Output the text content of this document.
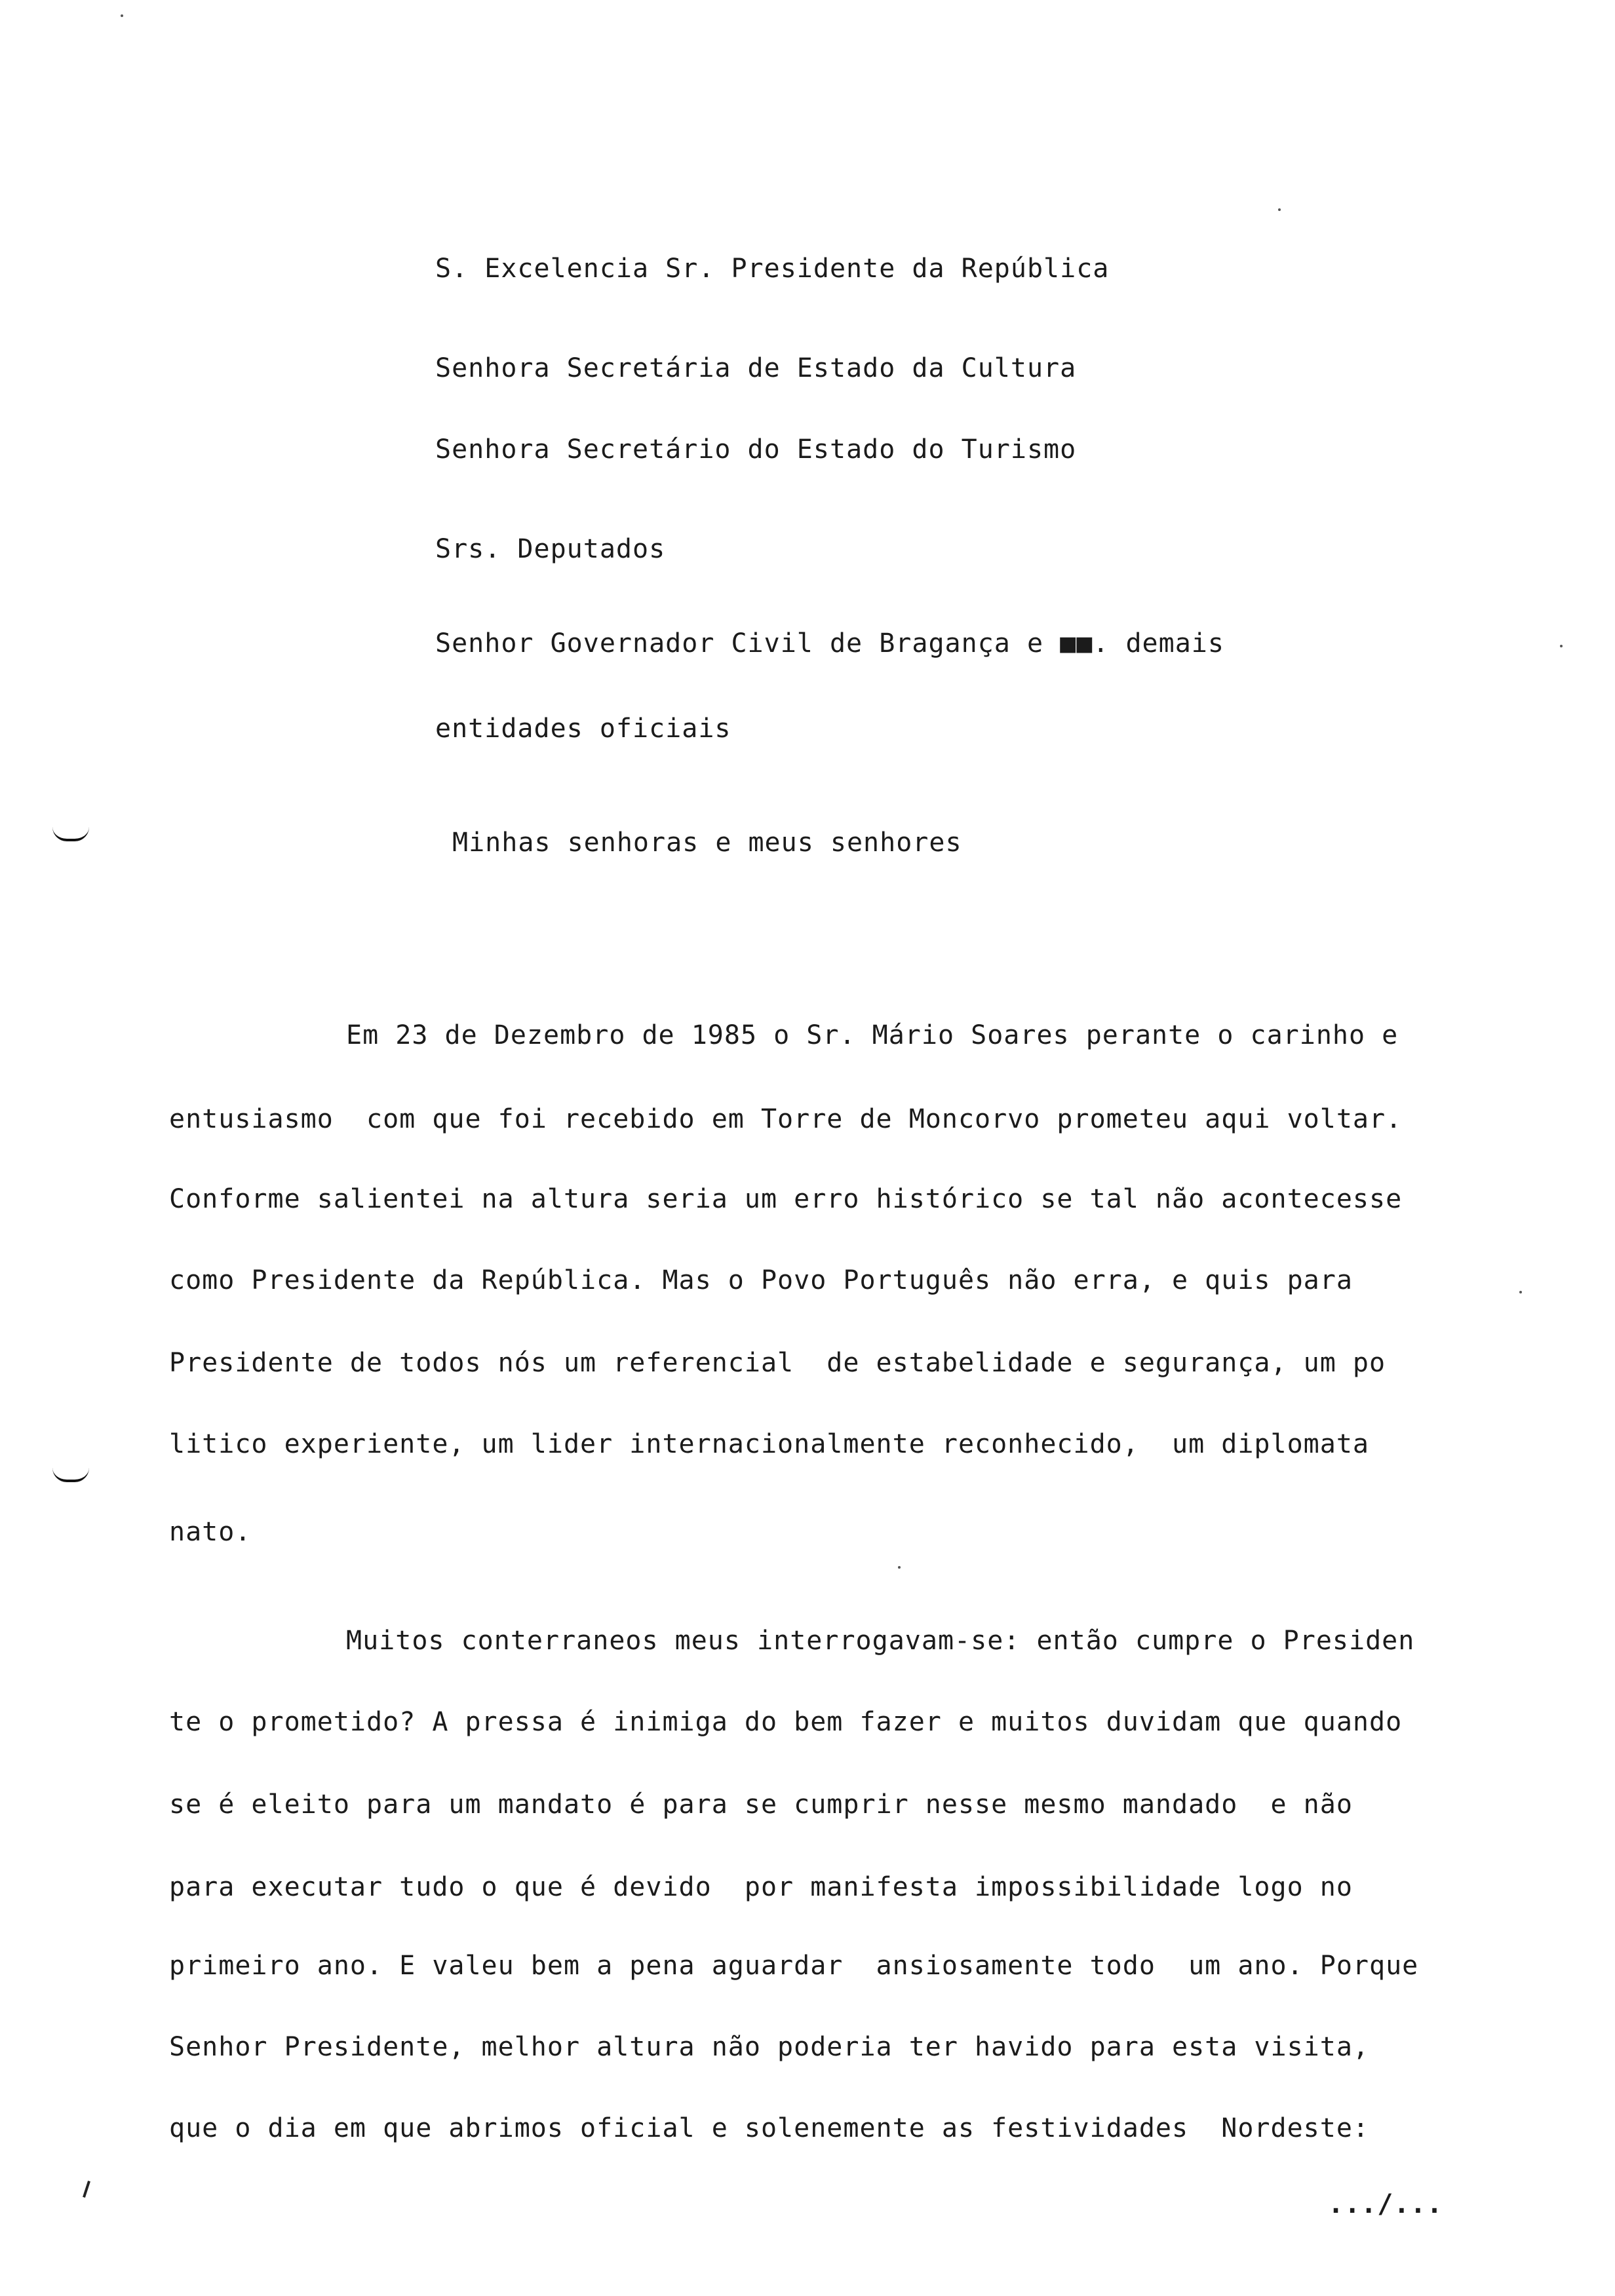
S. Excelencia Sr. Presidente da República
Senhora Secretária de Estado da Cultura
Senhora Secretário do Estado do Turismo
Srs. Deputados
Senhor Governador Civil de Bragança e ■■. demais
entidades oficiais
Minhas senhoras e meus senhores
Em 23 de Dezembro de 1985 o Sr. Mário Soares perante o carinho e
entusiasmo  com que foi recebido em Torre de Moncorvo prometeu aqui voltar.
Conforme salientei na altura seria um erro histórico se tal não acontecesse
como Presidente da República. Mas o Povo Português não erra, e quis para
Presidente de todos nós um referencial  de estabelidade e segurança, um po
litico experiente, um lider internacionalmente reconhecido,  um diplomata
nato.
Muitos conterraneos meus interrogavam-se: então cumpre o Presiden
te o prometido? A pressa é inimiga do bem fazer e muitos duvidam que quando
se é eleito para um mandato é para se cumprir nesse mesmo mandado  e não
para executar tudo o que é devido  por manifesta impossibilidade logo no
primeiro ano. E valeu bem a pena aguardar  ansiosamente todo  um ano. Porque
Senhor Presidente, melhor altura não poderia ter havido para esta visita,
que o dia em que abrimos oficial e solenemente as festividades  Nordeste:
.../...
